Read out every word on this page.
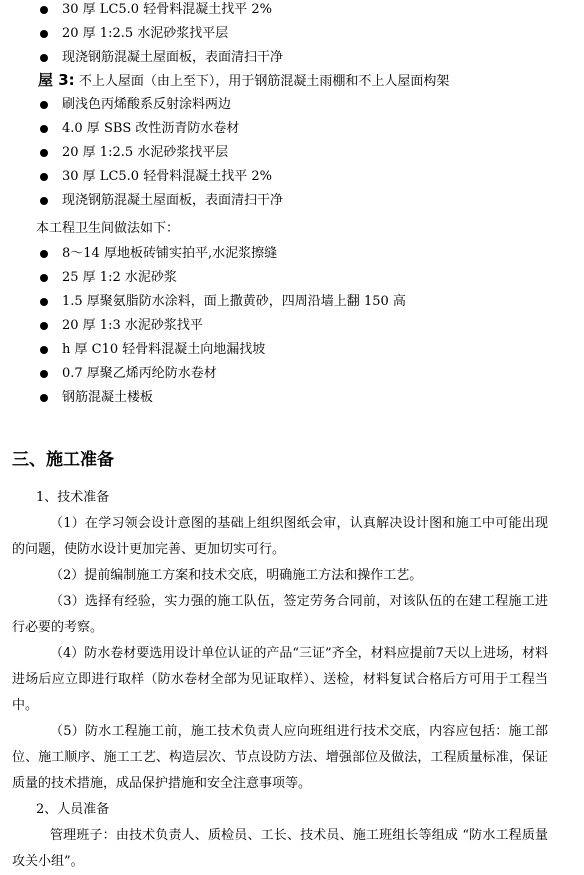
30 厚 LC5.0 轻骨料混凝土找平 2%
20 厚 1:2.5 水泥砂浆找平层
现浇钢筋混凝土屋面板，表面清扫干净
屋 3: 不上人屋面（由上至下），用于钢筋混凝土雨棚和不上人屋面构架
刷浅色丙烯酸系反射涂料两边
4.0 厚 SBS 改性沥青防水卷材
20 厚 1:2.5 水泥砂浆找平层
30 厚 LC5.0 轻骨料混凝土找平 2%
现浇钢筋混凝土屋面板，表面清扫干净
本工程卫生间做法如下：
8～14 厚地板砖铺实拍平,水泥浆擦缝
25 厚 1:2 水泥砂浆
1.5 厚聚氨脂防水涂料，面上撒黄砂，四周沿墙上翻 150 高
20 厚 1:3 水泥砂浆找平
h 厚 C10 轻骨料混凝土向地漏找坡
0.7 厚聚乙烯丙纶防水卷材
钢筋混凝土楼板
三、施工准备
1、技术准备

（1）在学习领会设计意图的基础上组织图纸会审，认真解决设计图和施工中可能出现的问题，使防水设计更加完善、更加切实可行。

（2）提前编制施工方案和技术交底，明确施工方法和操作工艺。

（3）选择有经验，实力强的施工队伍，签定劳务合同前，对该队伍的在建工程施工进行必要的考察。

（4）防水卷材要选用设计单位认证的产品“三证”齐全，材料应提前7天以上进场，材料进场后应立即进行取样（防水卷材全部为见证取样）、送检，材料复试合格后方可用于工程当中。

（5）防水工程施工前，施工技术负责人应向班组进行技术交底，内容应包括：施工部位、施工顺序、施工工艺、构造层次、节点设防方法、增强部位及做法，工程质量标准，保证质量的技术措施，成品保护措施和安全注意事项等。

2、人员准备

管理班子：由技术负责人、质检员、工长、技术员、施工班组长等组成 “防水工程质量攻关小组”。
